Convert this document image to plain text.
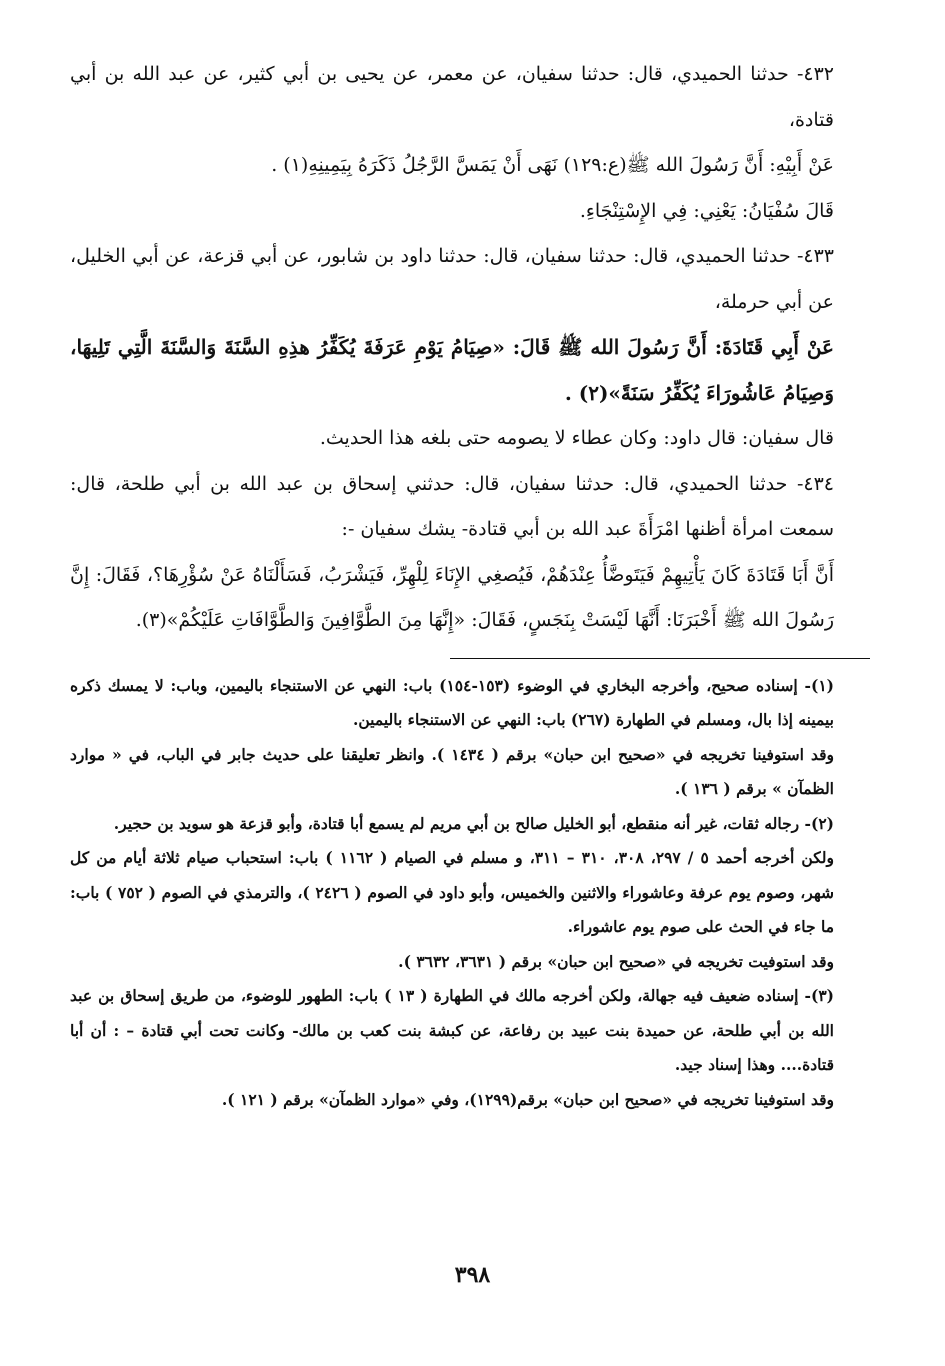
٤٣٢- حدثنا الحميدي، قال: حدثنا سفيان، عن معمر، عن يحيى بن أبي كثير، عن عبد الله بن أبي قتادة،

عَنْ أَبِيْهِ: أَنَّ رَسُولَ الله ﷺ(ع:١٢٩) نَهَى أَنْ يَمَسَّ الرَّجُلُ ذَكَرَهُ بِيَمِينِهِ(١) .

قَالَ سُفْيَانُ: يَعْنِي: فِي الإِسْتِنْجَاءِ.

٤٣٣- حدثنا الحميدي، قال: حدثنا سفيان، قال: حدثنا داود بن شابور، عن أبي قزعة، عن أبي الخليل، عن أبي حرملة،

عَنْ أَبِي قَتَادَةَ: أَنَّ رَسُولَ الله ﷺ قَالَ: «صِيَامُ يَوْمِ عَرَفَةَ يُكَفِّرُ هذِهِ السَّنَةَ وَالسَّنَةَ الَّتِي تَلِيهَا، وَصِيَامُ عَاشُورَاءَ يُكَفِّرُ سَنَةً»(٢) .

قال سفيان: قال داود: وكان عطاء لا يصومه حتى بلغه هذا الحديث.

٤٣٤- حدثنا الحميدي، قال: حدثنا سفيان، قال: حدثني إسحاق بن عبد الله بن أبي طلحة، قال: سمعت امرأة أظنها امْرَأَةَ عبد الله بن أبي قتادة- يشك سفيان -:

أَنَّ أَبَا قَتَادَةَ كَانَ يَأْتِيهِمْ فَيَتَوضَّأُ عِنْدَهُمْ، فَيُصغِي الإِنَاءَ لِلْهِرِّ، فَيَشْرَبُ، فَسَأَلْنَاهُ عَنْ سُؤْرِهَا؟، فَقَالَ: إِنَّ رَسُولَ الله ﷺ أَخْبَرَنَا: أَنَّهَا لَيْسَتْ بِنَجَسٍ، فَقَالَ: «إِنَّهَا مِنَ الطَّوَّافِينَ وَالطَّوَّافَاتِ عَلَيْكُمْ»(٣).

(١)- إسناده صحيح، وأخرجه البخاري في الوضوء (١٥٣-١٥٤) باب: النهي عن الاستنجاء باليمين، وباب: لا يمسك ذكره بيمينه إذا بال، ومسلم في الطهارة (٢٦٧) باب: النهي عن الاستنجاء باليمين.

وقد استوفينا تخريجه في «صحيح ابن حبان» برقم ( ١٤٣٤ ). وانظر تعليقنا على حديث جابر في الباب، في « موارد الظمآن » برقم ( ١٣٦ ).

(٢)- رجاله ثقات، غير أنه منقطع، أبو الخليل صالح بن أبي مريم لم يسمع أبا قتادة، وأبو قزعة هو سويد بن حجير.

ولكن أخرجه أحمد ٥ / ٢٩٧، ٣٠٨، ٣١٠ – ٣١١، و مسلم في الصيام ( ١١٦٢ ) باب: استحباب صيام ثلاثة أيام من كل شهر، وصوم يوم عرفة وعاشوراء والاثنين والخميس، وأبو داود في الصوم ( ٢٤٢٦ )، والترمذي في الصوم ( ٧٥٢ ) باب: ما جاء في الحث على صوم يوم عاشوراء.

وقد استوفيت تخريجه في «صحيح ابن حبان» برقم ( ٣٦٣١، ٣٦٣٢ ).

(٣)- إسناده ضعيف فيه جهالة، ولكن أخرجه مالك في الطهارة ( ١٣ ) باب: الطهور للوضوء، من طريق إسحاق بن عبد الله بن أبي طلحة، عن حميدة بنت عبيد بن رفاعة، عن كبشة بنت كعب بن مالك- وكانت تحت أبي قتادة – : أن أبا قتادة.... وهذا إسناد جيد.

وقد استوفينا تخريجه في «صحيح ابن حبان» برقم(١٢٩٩)، وفي «موارد الظمآن» برقم ( ١٢١ ).

٣٩٨
